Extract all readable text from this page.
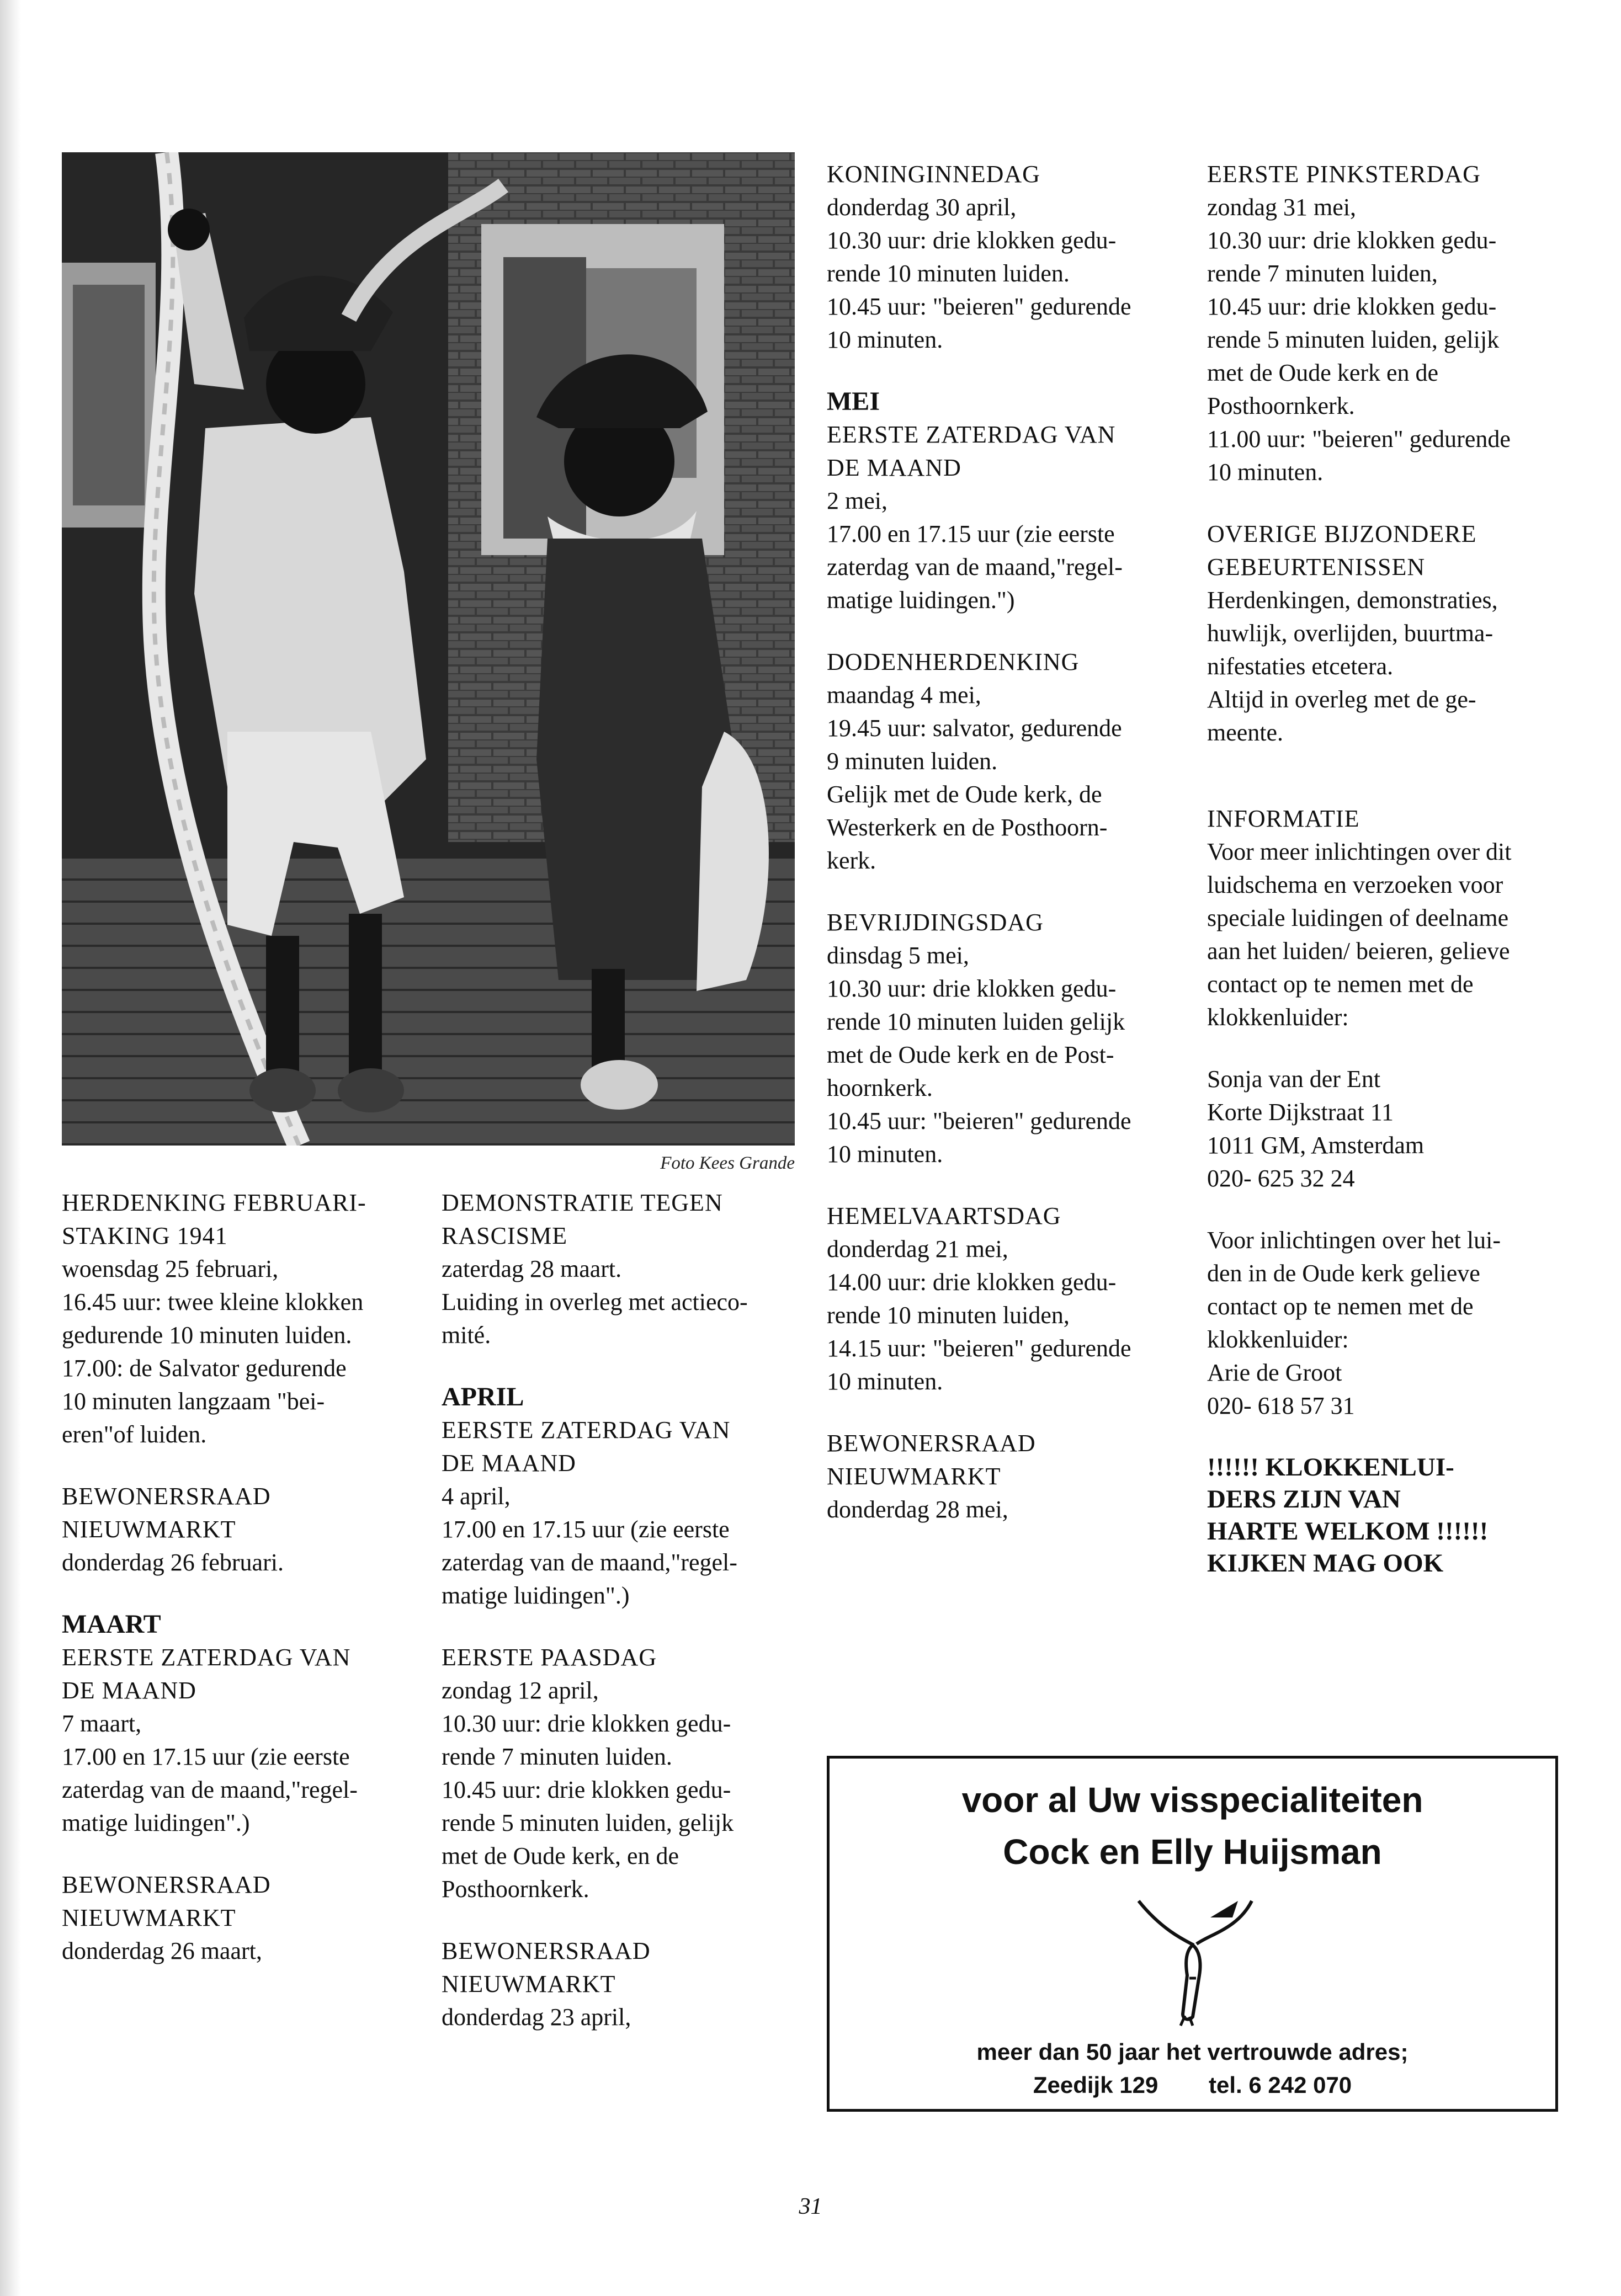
Foto Kees Grande

HERDENKING FEBRUARI-

STAKING 1941

woensdag 25 februari,

16.45 uur: twee kleine klokken

gedurende 10 minuten luiden.

17.00: de Salvator gedurende

10 minuten langzaam "bei-

eren"of luiden.

BEWONERSRAAD

NIEUWMARKT

donderdag 26 februari.

MAART

EERSTE ZATERDAG VAN

DE MAAND

7 maart,

17.00 en 17.15 uur (zie eerste

zaterdag van de maand,"regel-

matige luidingen".)

BEWONERSRAAD

NIEUWMARKT

donderdag 26 maart,

DEMONSTRATIE TEGEN

RASCISME

zaterdag 28 maart.

Luiding in overleg met actieco-

mité.

APRIL

EERSTE ZATERDAG VAN

DE MAAND

4 april,

17.00 en 17.15 uur (zie eerste

zaterdag van de maand,"regel-

matige luidingen".)

EERSTE PAASDAG

zondag 12 april,

10.30 uur: drie klokken gedu-

rende 7 minuten luiden.

10.45 uur: drie klokken gedu-

rende 5 minuten luiden, gelijk

met de Oude kerk, en de

Posthoornkerk.

BEWONERSRAAD

NIEUWMARKT

donderdag 23 april,

KONINGINNEDAG

donderdag 30 april,

10.30 uur: drie klokken gedu-

rende 10 minuten luiden.

10.45 uur: "beieren" gedurende

10 minuten.

MEI

EERSTE ZATERDAG VAN

DE MAAND

2 mei,

17.00 en 17.15 uur (zie eerste

zaterdag van de maand,"regel-

matige luidingen.")

DODENHERDENKING

maandag 4 mei,

19.45 uur: salvator, gedurende

9 minuten luiden.

Gelijk met de Oude kerk, de

Westerkerk en de Posthoorn-

kerk.

BEVRIJDINGSDAG

dinsdag 5 mei,

10.30 uur: drie klokken gedu-

rende 10 minuten luiden gelijk

met de Oude kerk en de Post-

hoornkerk.

10.45 uur: "beieren" gedurende

10 minuten.

HEMELVAARTSDAG

donderdag 21 mei,

14.00 uur: drie klokken gedu-

rende 10 minuten luiden,

14.15 uur: "beieren" gedurende

10 minuten.

BEWONERSRAAD

NIEUWMARKT

donderdag 28 mei,

EERSTE PINKSTERDAG

zondag 31 mei,

10.30 uur: drie klokken gedu-

rende 7 minuten luiden,

10.45 uur: drie klokken gedu-

rende 5 minuten luiden, gelijk

met de Oude kerk en de

Posthoornkerk.

11.00 uur: "beieren" gedurende

10 minuten.

OVERIGE BIJZONDERE

GEBEURTENISSEN

Herdenkingen, demonstraties,

huwlijk, overlijden, buurtma-

nifestaties etcetera.

Altijd in overleg met de ge-

meente.

INFORMATIE

Voor meer inlichtingen over dit

luidschema en verzoeken voor

speciale luidingen of deelname

aan het luiden/ beieren, gelieve

contact op te nemen met de

klokkenluider:

Sonja van der Ent

Korte Dijkstraat 11

1011 GM, Amsterdam

020- 625 32 24

Voor inlichtingen over het lui-

den in de Oude kerk gelieve

contact op te nemen met de

klokkenluider:

Arie de Groot

020- 618 57 31

!!!!!! KLOKKENLUI-

DERS ZIJN VAN

HARTE WELKOM !!!!!!

KIJKEN MAG OOK

voor al Uw visspecialiteiten
Cock en Elly Huijsman
meer dan 50 jaar het vertrouwde adres;
Zeedijk 129 tel. 6 242 070
31
